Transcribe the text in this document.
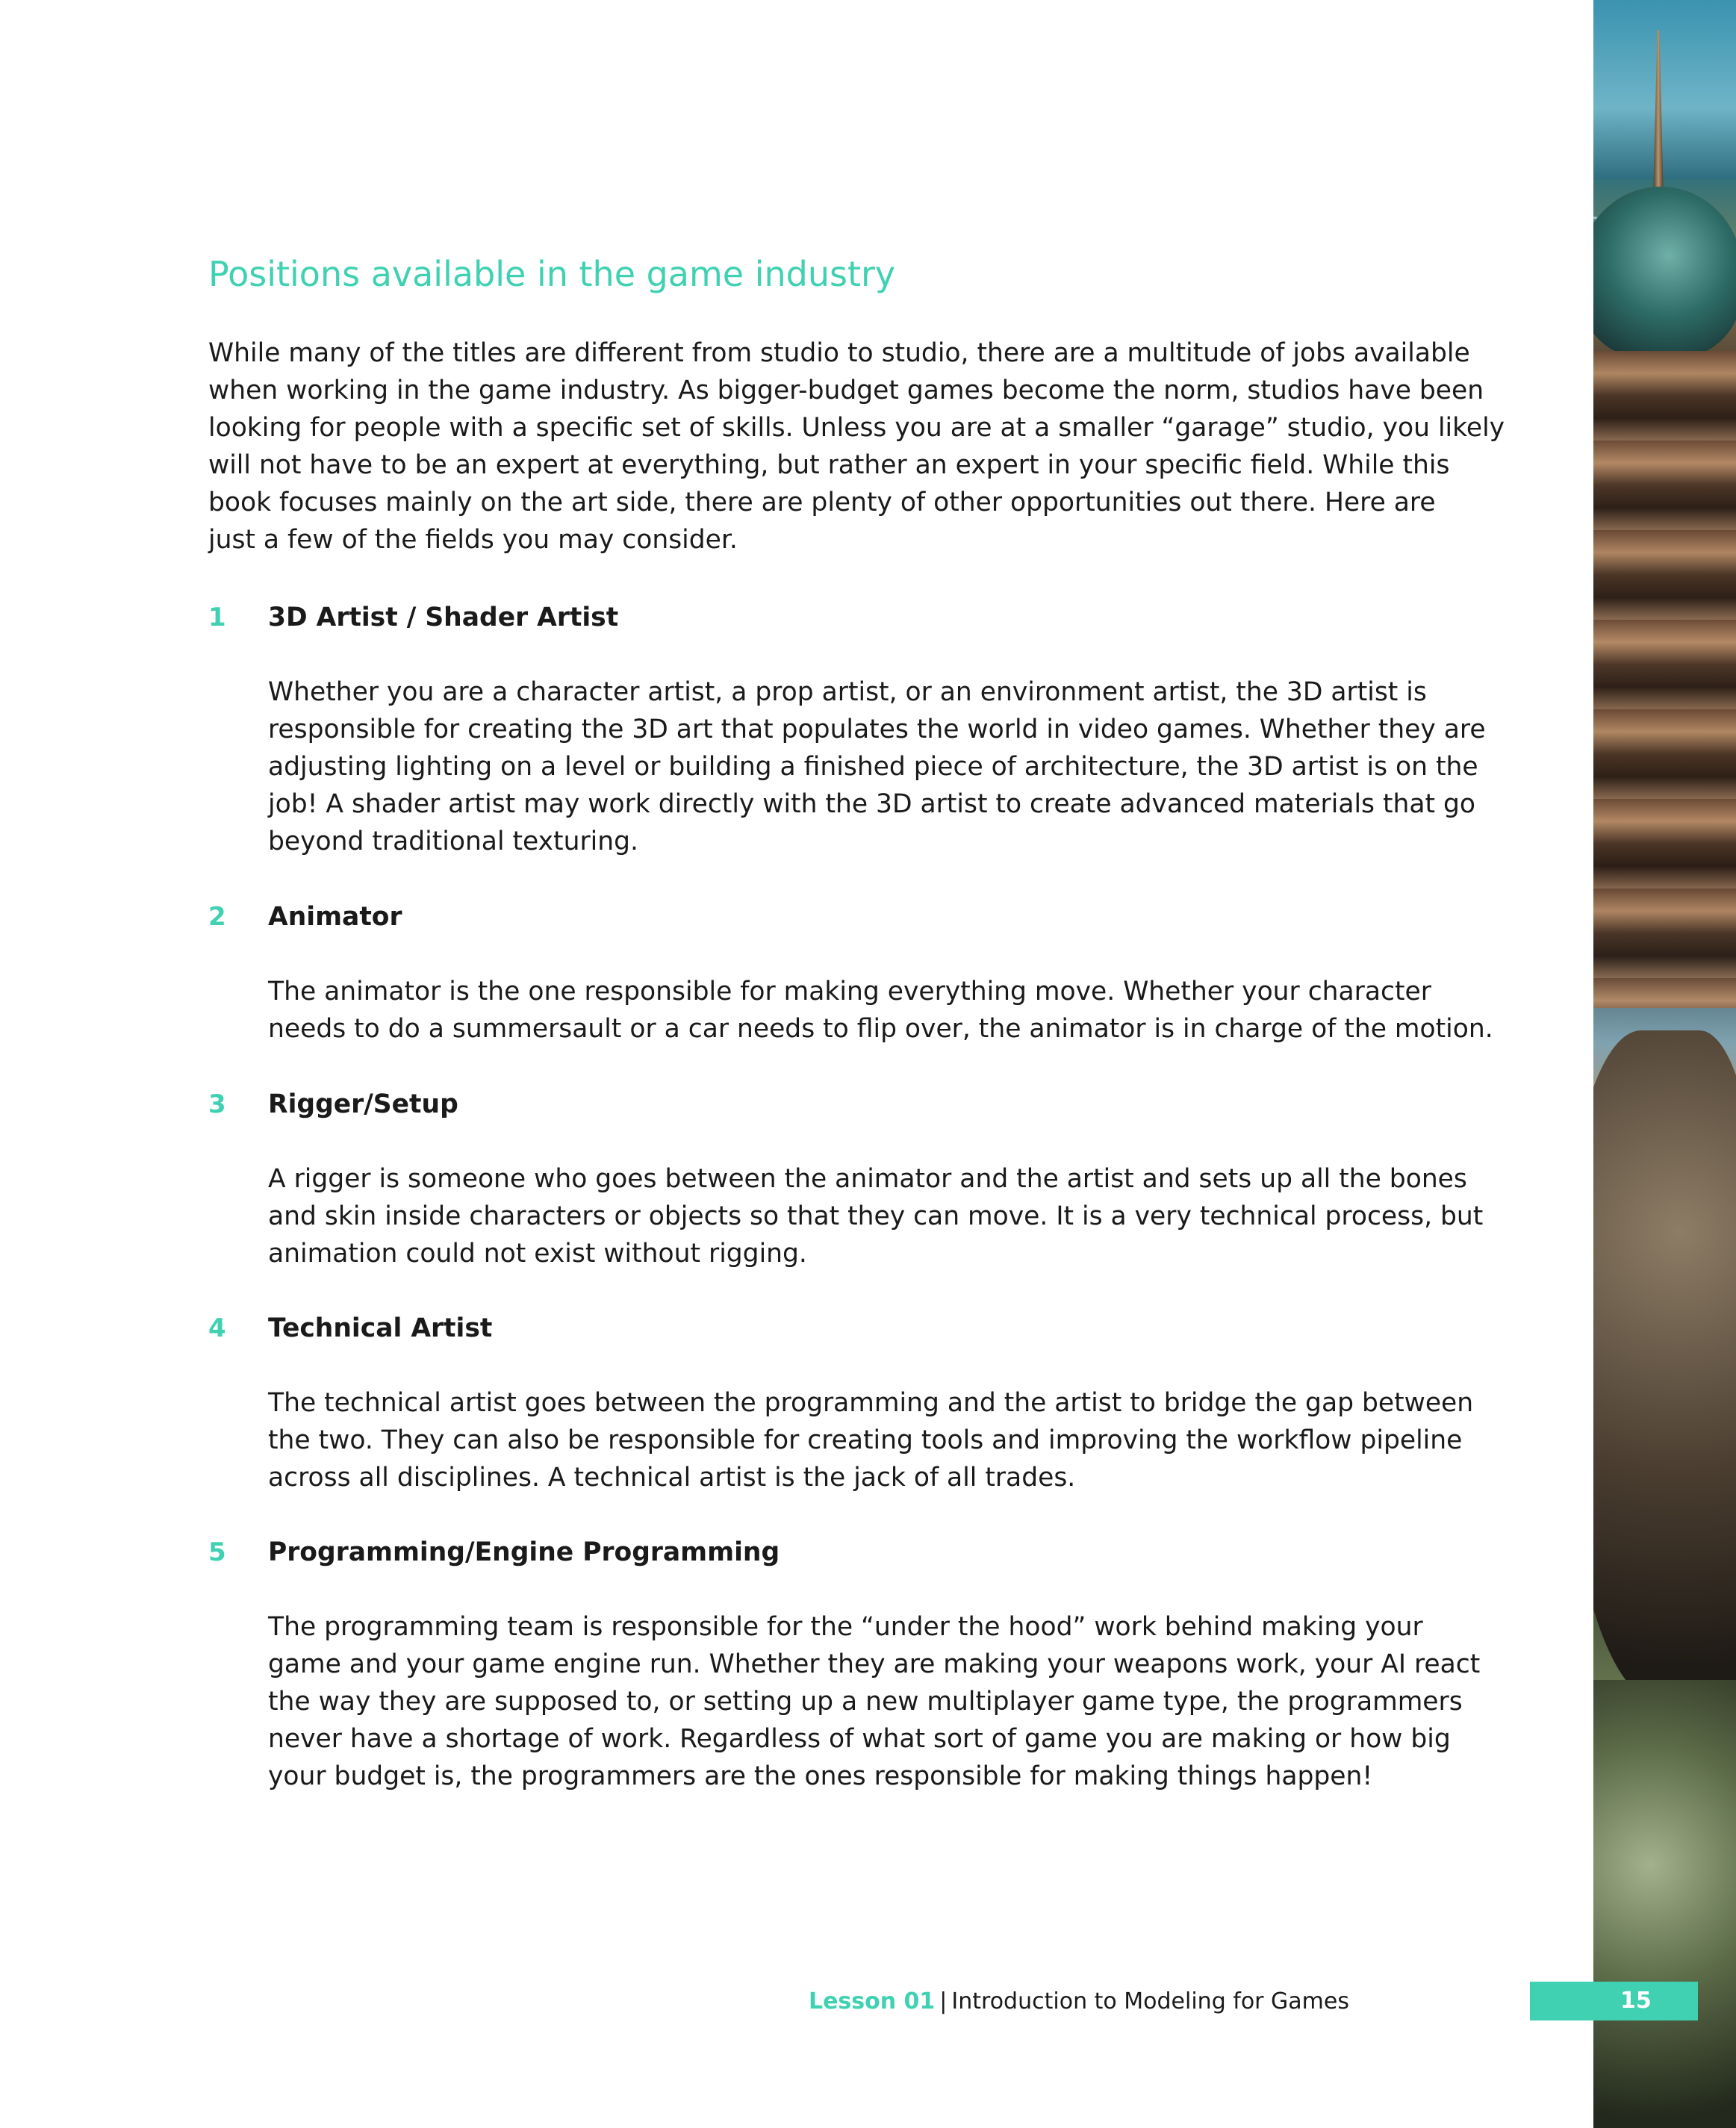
Positions available in the game industry

While many of the titles are different from studio to studio, there are a multitude of jobs available
when working in the game industry. As bigger-budget games become the norm, studios have been
looking for people with a specific set of skills. Unless you are at a smaller “garage” studio, you likely
will not have to be an expert at everything, but rather an expert in your specific field. While this
book focuses mainly on the art side, there are plenty of other opportunities out there. Here are
just a few of the fields you may consider.

1 3D Artist / Shader Artist

Whether you are a character artist, a prop artist, or an environment artist, the 3D artist is
responsible for creating the 3D art that populates the world in video games. Whether they are
adjusting lighting on a level or building a finished piece of architecture, the 3D artist is on the
job! A shader artist may work directly with the 3D artist to create advanced materials that go
beyond traditional texturing.

2 Animator

The animator is the one responsible for making everything move. Whether your character
needs to do a summersault or a car needs to flip over, the animator is in charge of the motion.

3 Rigger/Setup

A rigger is someone who goes between the animator and the artist and sets up all the bones
and skin inside characters or objects so that they can move. It is a very technical process, but
animation could not exist without rigging.

4 Technical Artist

The technical artist goes between the programming and the artist to bridge the gap between
the two. They can also be responsible for creating tools and improving the workflow pipeline
across all disciplines. A technical artist is the jack of all trades.

5 Programming/Engine Programming

The programming team is responsible for the “under the hood” work behind making your
game and your game engine run. Whether they are making your weapons work, your AI react
the way they are supposed to, or setting up a new multiplayer game type, the programmers
never have a shortage of work. Regardless of what sort of game you are making or how big
your budget is, the programmers are the ones responsible for making things happen!

Lesson 01 | Introduction to Modeling for Games	15
